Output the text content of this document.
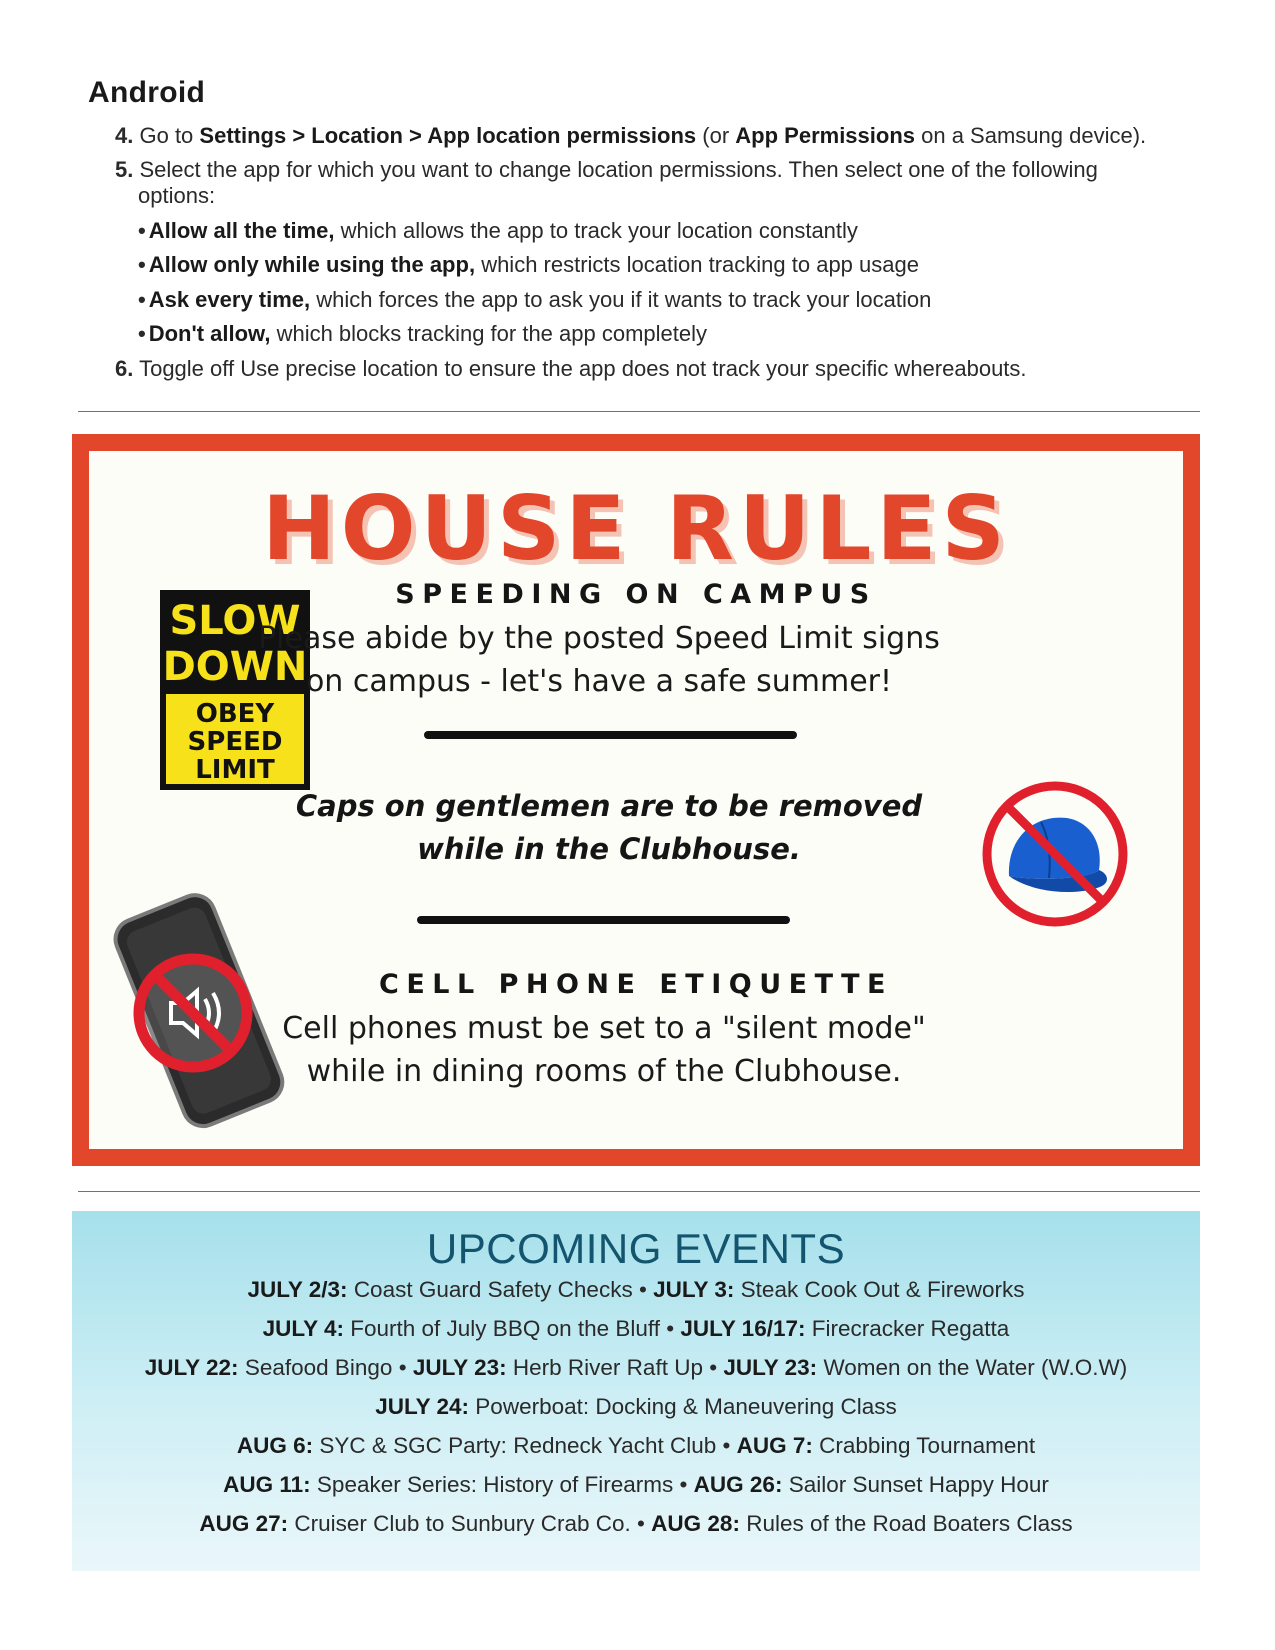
Android
4. Go to Settings > Location > App location permissions (or App Permissions on a Samsung device).
5. Select the app for which you want to change location permissions. Then select one of the following
options:
• Allow all the time, which allows the app to track your location constantly
• Allow only while using the app, which restricts location tracking to app usage
• Ask every time, which forces the app to ask you if it wants to track your location
• Don't allow, which blocks tracking for the app completely
6. Toggle off Use precise location to ensure the app does not track your specific whereabouts.
HOUSE RULES
SLOW
DOWN
OBEY
SPEED
LIMIT
SPEEDING ON CAMPUS
Please abide by the posted Speed Limit signs
on campus - let's have a safe summer!
Caps on gentlemen are to be removed
while in the Clubhouse.
CELL PHONE ETIQUETTE
Cell phones must be set to a "silent mode"
while in dining rooms of the Clubhouse.
UPCOMING EVENTS
JULY 2/3: Coast Guard Safety Checks • JULY 3: Steak Cook Out & Fireworks
JULY 4: Fourth of July BBQ on the Bluff • JULY 16/17: Firecracker Regatta
JULY 22: Seafood Bingo • JULY 23: Herb River Raft Up • JULY 23: Women on the Water (W.O.W)
JULY 24: Powerboat: Docking & Maneuvering Class
AUG 6: SYC & SGC Party: Redneck Yacht Club • AUG 7: Crabbing Tournament
AUG 11: Speaker Series: History of Firearms • AUG 26: Sailor Sunset Happy Hour
AUG 27: Cruiser Club to Sunbury Crab Co. • AUG 28: Rules of the Road Boaters Class
